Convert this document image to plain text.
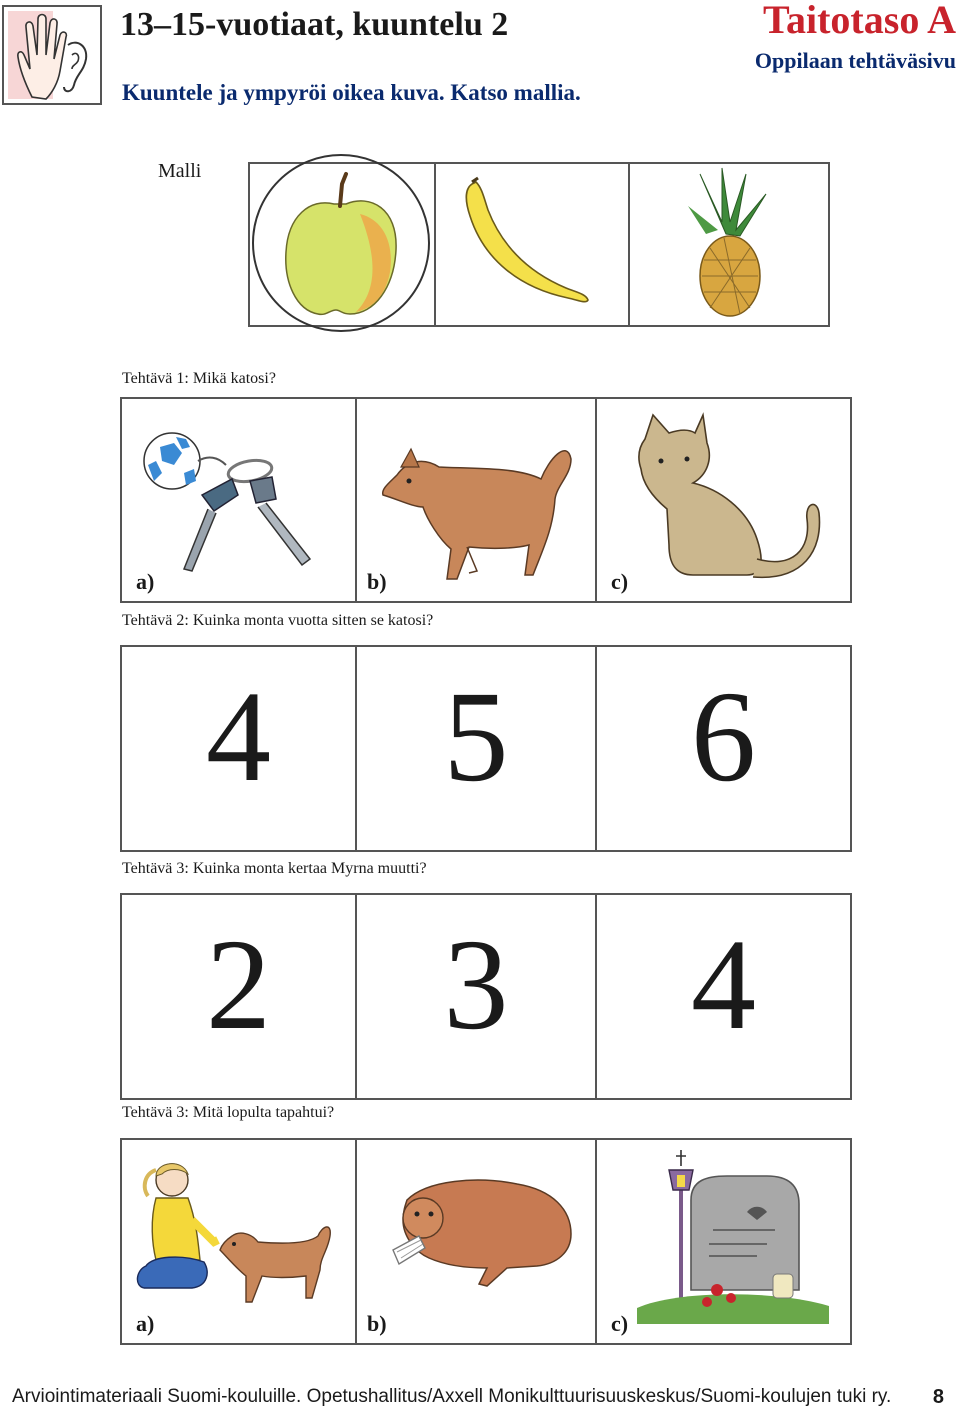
13–15-vuotiaat, kuuntelu 2
Kuuntele ja ympyröi oikea kuva. Katso mallia.
Taitotaso A
Oppilaan tehtäväsivu
Malli
Tehtävä 1: Mikä katosi?
a)	b)	c)
Tehtävä 2: Kuinka monta vuotta sitten se katosi?
4	5	6
Tehtävä 3: Kuinka monta kertaa Myrna muutti?
2	3	4
Tehtävä 3: Mitä lopulta tapahtui?
a)	b)	c)
Arviointimateriaali Suomi-kouluille. Opetushallitus/Axxell Monikulttuurisuuskeskus/Suomi-koulujen tuki ry. 8
